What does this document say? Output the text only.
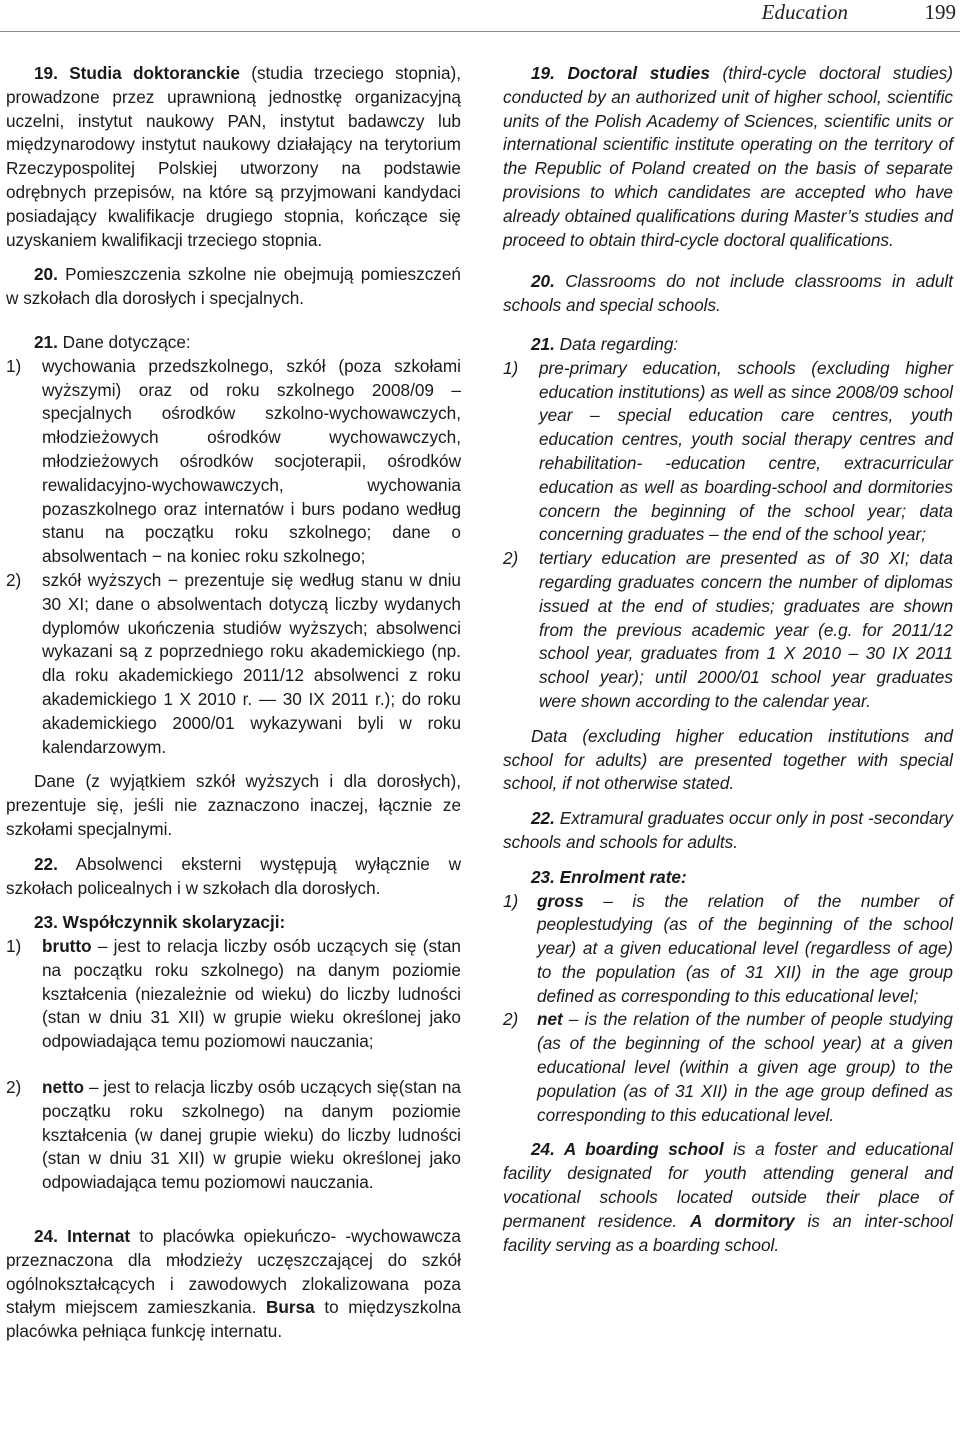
Education	199

19. Studia doktoranckie (studia trzeciego stopnia), prowadzone przez uprawnioną jednostkę organizacyjną uczelni, instytut naukowy PAN, instytut badawczy lub międzynarodowy instytut naukowy działający na terytorium Rzeczypospolitej Polskiej utworzony na podstawie odrębnych przepisów, na które są przyjmowani kandydaci posiadający kwalifikacje drugiego stopnia, kończące się uzyskaniem kwalifikacji trzeciego stopnia.

20. Pomieszczenia szkolne nie obejmują pomieszczeń w szkołach dla dorosłych i specjalnych.

21. Dane dotyczące:

1) wychowania przedszkolnego, szkół (poza szkołami wyższymi) oraz od roku szkolnego 2008/09 – specjalnych ośrodków szkolno-wychowawczych, młodzieżowych ośrodków wychowawczych, młodzieżowych ośrodków socjoterapii, ośrodków rewalidacyjno-wychowawczych, wychowania pozaszkolnego oraz internatów i burs podano według stanu na początku roku szkolnego; dane o absolwentach − na koniec roku szkolnego;
2) szkół wyższych − prezentuje się według stanu w dniu 30 XI; dane o absolwentach dotyczą liczby wydanych dyplomów ukończenia studiów wyższych; absolwenci wykazani są z poprzedniego roku akademickiego (np. dla roku akademickiego 2011/12 absolwenci z roku akademickiego 1 X 2010 r. — 30 IX 2011 r.); do roku akademickiego 2000/01 wykazywani byli w roku kalendarzowym.

Dane (z wyjątkiem szkół wyższych i dla dorosłych), prezentuje się, jeśli nie zaznaczono inaczej, łącznie ze szkołami specjalnymi.

22. Absolwenci eksterni występują wyłącznie w szkołach policealnych i w szkołach dla dorosłych.

23. Współczynnik skolaryzacji:

1) brutto – jest to relacja liczby osób uczących się (stan na początku roku szkolnego) na danym poziomie kształcenia (niezależnie od wieku) do liczby ludności (stan w dniu 31 XII) w grupie wieku określonej jako odpowiadająca temu poziomowi nauczania;
2) netto – jest to relacja liczby osób uczących się(stan na początku roku szkolnego) na danym poziomie kształcenia (w danej grupie wieku) do liczby ludności (stan w dniu 31 XII) w grupie wieku określonej jako odpowiadająca temu poziomowi nauczania.

24. Internat to placówka opiekuńczo- -wychowawcza przeznaczona dla młodzieży uczęszczającej do szkół ogólnokształcących i zawodowych zlokalizowana poza stałym miejscem zamieszkania. Bursa to międzyszkolna placówka pełniąca funkcję internatu.

19. Doctoral studies (third-cycle doctoral studies) conducted by an authorized unit of higher school, scientific units of the Polish Academy of Sciences, scientific units or international scientific institute operating on the territory of the Republic of Poland created on the basis of separate provisions to which candidates are accepted who have already obtained qualifications during Master’s studies and proceed to obtain third-cycle doctoral qualifications.

20. Classrooms do not include classrooms in adult schools and special schools.

21. Data regarding:

1) pre-primary education, schools (excluding higher education institutions) as well as since 2008/09 school year – special education care centres, youth education centres, youth social therapy centres and rehabilitation- -education centre, extracurricular education as well as boarding-school and dormitories concern the beginning of the school year; data concerning graduates – the end of the school year;
2) tertiary education are presented as of 30 XI; data regarding graduates concern the number of diplomas issued at the end of studies; graduates are shown from the previous academic year (e.g. for 2011/12 school year, graduates from 1 X 2010 – 30 IX 2011 school year); until 2000/01 school year graduates were shown according to the calendar year.

Data (excluding higher education institutions and school for adults) are presented together with special school, if not otherwise stated.

22. Extramural graduates occur only in post -secondary schools and schools for adults.

23. Enrolment rate:

1) gross – is the relation of the number of peoplestudying (as of the beginning of the school year) at a given educational level (regardless of age) to the population (as of 31 XII) in the age group defined as corresponding to this educational level;
2) net – is the relation of the number of people studying (as of the beginning of the school year) at a given educational level (within a given age group) to the population (as of 31 XII) in the age group defined as corresponding to this educational level.

24. A boarding school is a foster and educational facility designated for youth attending general and vocational schools located outside their place of permanent residence. A dormitory is an inter-school facility serving as a boarding school.
